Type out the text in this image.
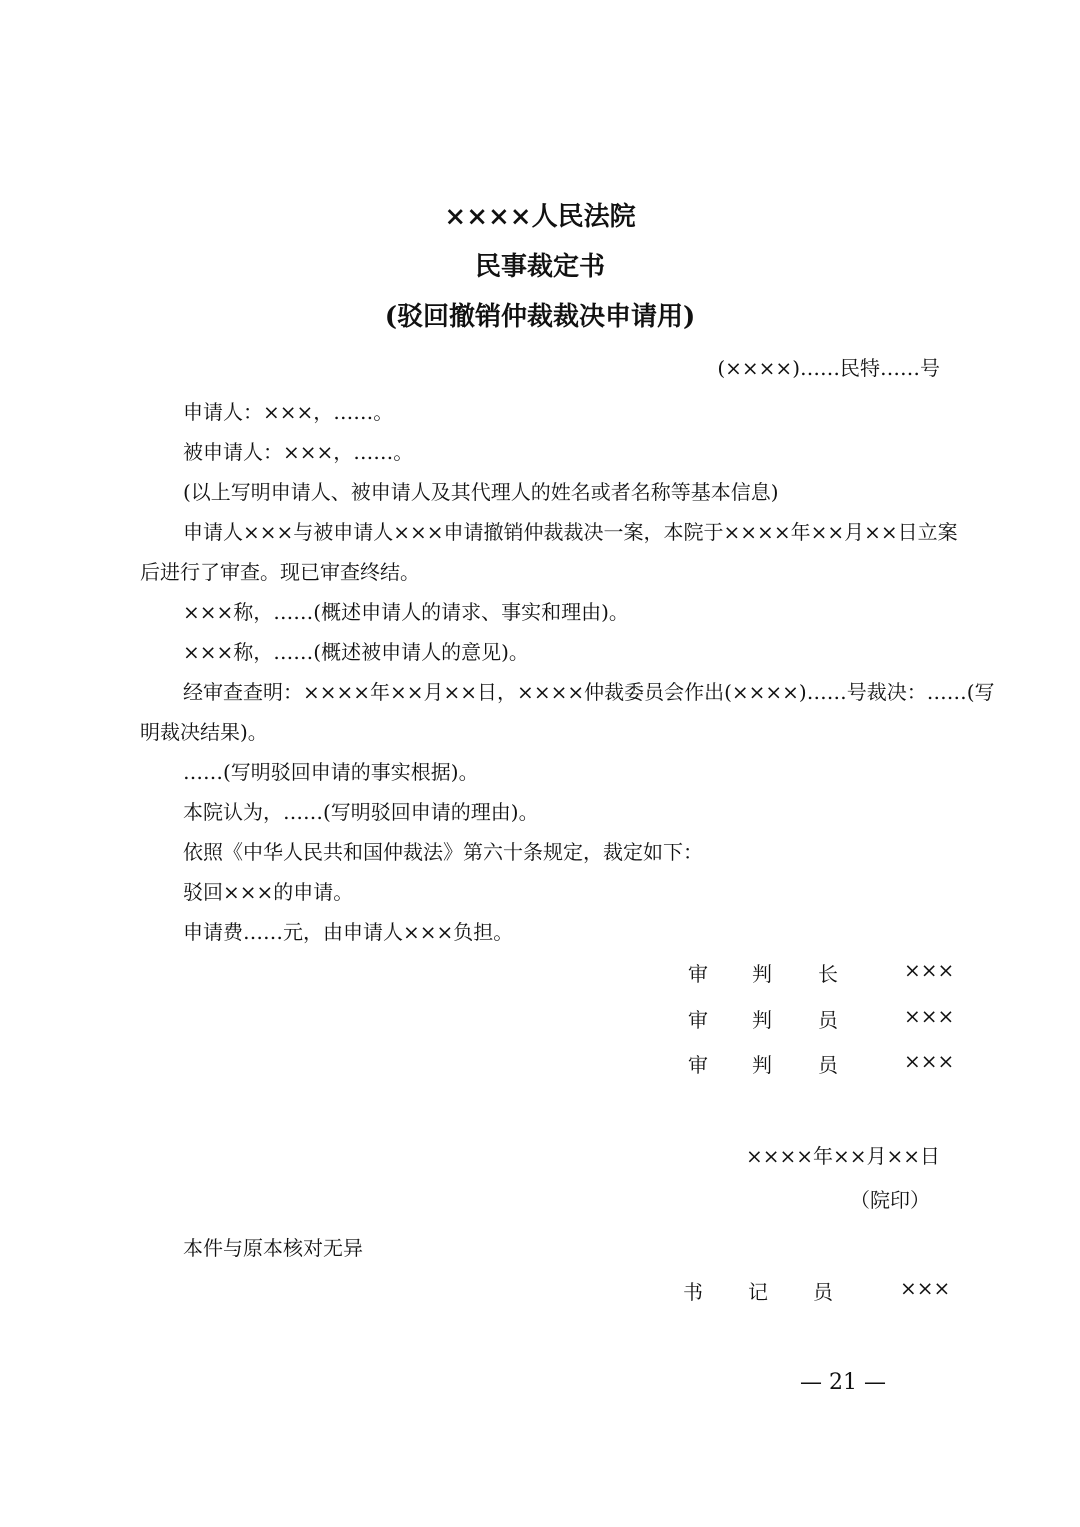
××××人民法院
民事裁定书
(驳回撤销仲裁裁决申请用)
(××××)……民特……号
申请人：×××，……。
被申请人：×××，……。
(以上写明申请人、被申请人及其代理人的姓名或者名称等基本信息)
申请人×××与被申请人×××申请撤销仲裁裁决一案，本院于××××年××月××日立案
后进行了审查。现已审查终结。
×××称，……(概述申请人的请求、事实和理由)。
×××称，……(概述被申请人的意见)。
经审查查明：××××年××月××日，××××仲裁委员会作出(××××)……号裁决：……(写
明裁决结果)。
……(写明驳回申请的事实根据)。
本院认为，……(写明驳回申请的理由)。
依照《中华人民共和国仲裁法》第六十条规定，裁定如下：
驳回×××的申请。
申请费……元，由申请人×××负担。
审 判 长	×××
审 判 员	×××
审 判 员	×××
××××年××月××日
（院印）
本件与原本核对无异
书 记 员	×××
— 21 —
